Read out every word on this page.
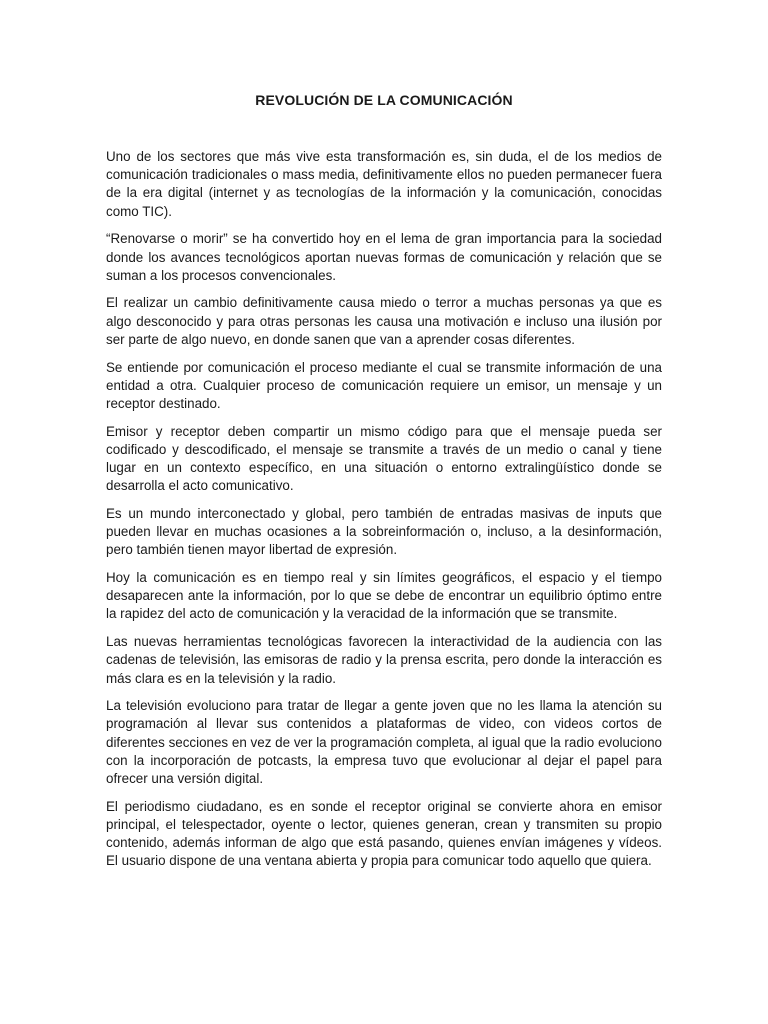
REVOLUCIÓN DE LA COMUNICACIÓN

Uno de los sectores que más vive esta transformación es, sin duda, el de los medios de comunicación tradicionales o mass media, definitivamente ellos no pueden permanecer fuera de la era digital (internet y as tecnologías de la información y la comunicación, conocidas como TIC).

“Renovarse o morir” se ha convertido hoy en el lema de gran importancia para la sociedad donde los avances tecnológicos aportan nuevas formas de comunicación y relación que se suman a los procesos convencionales.

El realizar un cambio definitivamente causa miedo o terror a muchas personas ya que es algo desconocido y para otras personas les causa una motivación e incluso una ilusión por ser parte de algo nuevo, en donde sanen que van a aprender cosas diferentes.

Se entiende por comunicación el proceso mediante el cual se transmite información de una entidad a otra. Cualquier proceso de comunicación requiere un emisor, un mensaje y un receptor destinado.

Emisor y receptor deben compartir un mismo código para que el mensaje pueda ser codificado y descodificado, el mensaje se transmite a través de un medio o canal y tiene lugar en un contexto específico, en una situación o entorno extralingüístico donde se desarrolla el acto comunicativo.

Es un mundo interconectado y global, pero también de entradas masivas de inputs que pueden llevar en muchas ocasiones a la sobreinformación o, incluso, a la desinformación, pero también tienen mayor libertad de expresión.

Hoy la comunicación es en tiempo real y sin límites geográficos, el espacio y el tiempo desaparecen ante la información, por lo que se debe de encontrar un equilibrio óptimo entre la rapidez del acto de comunicación y la veracidad de la información que se transmite.

Las nuevas herramientas tecnológicas favorecen la interactividad de la audiencia con las cadenas de televisión, las emisoras de radio y la prensa escrita, pero donde la interacción es más clara es en la televisión y la radio.

La televisión evoluciono para tratar de llegar a gente joven que no les llama la atención su programación al llevar sus contenidos a plataformas de video, con videos cortos de diferentes secciones en vez de ver la programación completa, al igual que la radio evoluciono con la incorporación de potcasts, la empresa tuvo que evolucionar al dejar el papel para ofrecer una versión digital.

El periodismo ciudadano, es en sonde el receptor original se convierte ahora en emisor principal, el telespectador, oyente o lector, quienes generan, crean y transmiten su propio contenido, además informan de algo que está pasando, quienes envían imágenes y vídeos. El usuario dispone de una ventana abierta y propia para comunicar todo aquello que quiera.
